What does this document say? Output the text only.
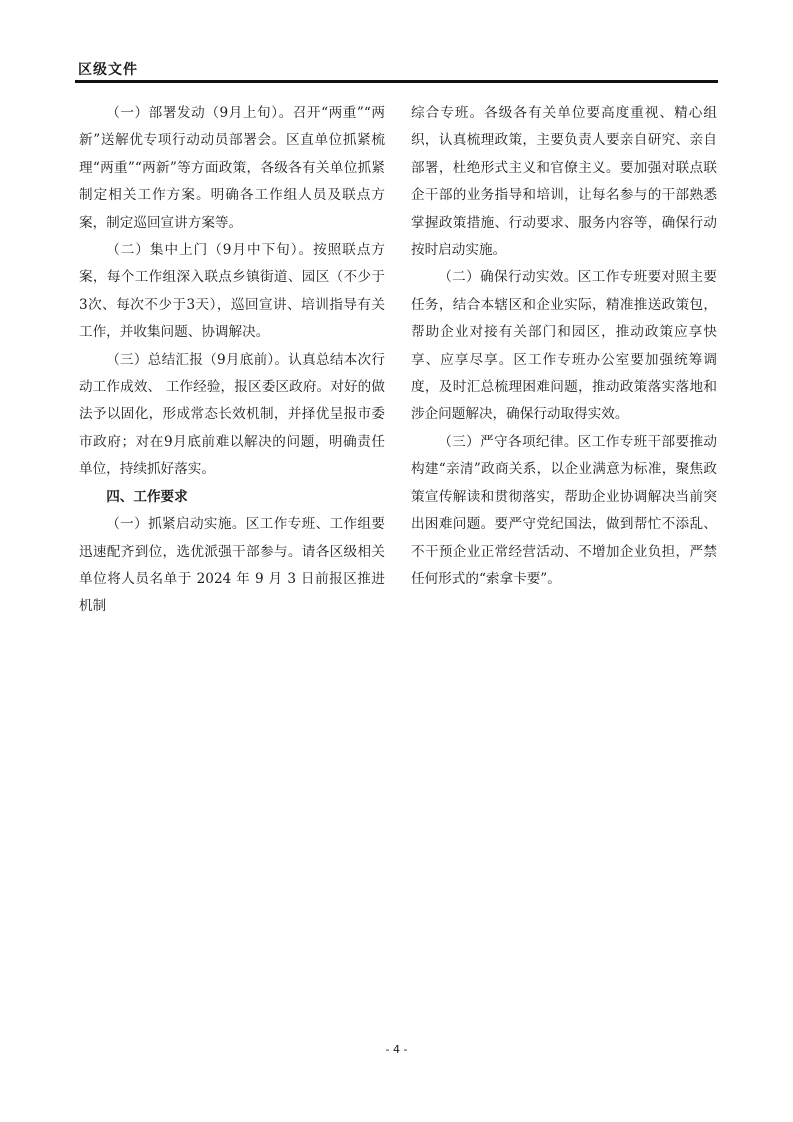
区级文件

（一）部署发动（9月上旬）。召开“两重”“两新”送解优专项行动动员部署会。区直单位抓紧梳理“两重”“两新”等方面政策，各级各有关单位抓紧制定相关工作方案。明确各工作组人员及联点方案，制定巡回宣讲方案等。

（二）集中上门（9月中下旬）。按照联点方案，每个工作组深入联点乡镇街道、园区（不少于3次、每次不少于3天），巡回宣讲、培训指导有关工作，并收集问题、协调解决。

（三）总结汇报（9月底前）。认真总结本次行动工作成效、 工作经验，报区委区政府。对好的做法予以固化，形成常态长效机制，并择优呈报市委市政府；对在9月底前难以解决的问题，明确责任单位，持续抓好落实。

四、工作要求

（一）抓紧启动实施。区工作专班、工作组要迅速配齐到位，选优派强干部参与。请各区级相关单位将人员名单于 2024 年 9 月 3 日前报区推进机制

综合专班。各级各有关单位要高度重视、精心组织，认真梳理政策，主要负责人要亲自研究、亲自部署，杜绝形式主义和官僚主义。要加强对联点联企干部的业务指导和培训，让每名参与的干部熟悉掌握政策措施、行动要求、服务内容等，确保行动按时启动实施。

（二）确保行动实效。区工作专班要对照主要任务，结合本辖区和企业实际，精准推送政策包，帮助企业对接有关部门和园区，推动政策应享快享、应享尽享。区工作专班办公室要加强统筹调度，及时汇总梳理困难问题，推动政策落实落地和涉企问题解决，确保行动取得实效。

（三）严守各项纪律。区工作专班干部要推动构建“亲清”政商关系，以企业满意为标准，聚焦政策宣传解读和贯彻落实，帮助企业协调解决当前突出困难问题。要严守党纪国法，做到帮忙不添乱、不干预企业正常经营活动、不增加企业负担，严禁任何形式的“索拿卡要”。

- 4 -
